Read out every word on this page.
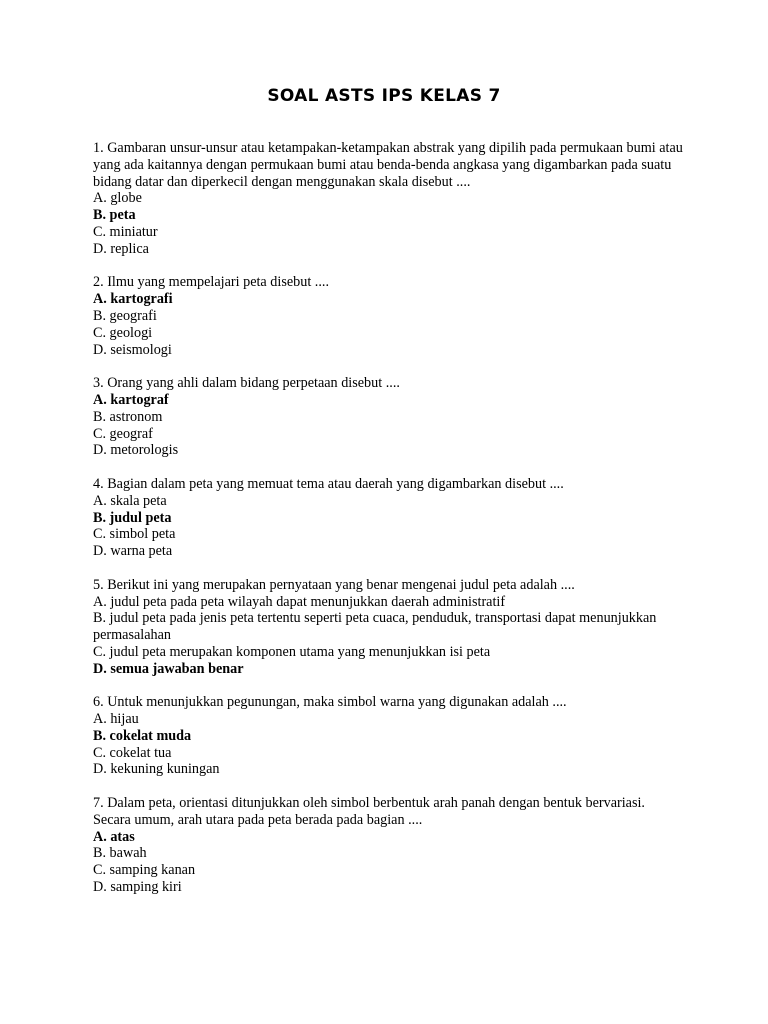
SOAL ASTS IPS KELAS 7
1. Gambaran unsur-unsur atau ketampakan-ketampakan abstrak yang dipilih pada permukaan bumi atau yang ada kaitannya dengan permukaan bumi atau benda-benda angkasa yang digambarkan pada suatu bidang datar dan diperkecil dengan menggunakan skala disebut ....
A. globe
B. peta
C. miniatur
D. replica
2. Ilmu yang mempelajari peta disebut ....
A. kartografi
B. geografi
C. geologi
D. seismologi
3. Orang yang ahli dalam bidang perpetaan disebut ....
A. kartograf
B. astronom
C. geograf
D. metorologis
4. Bagian dalam peta yang memuat tema atau daerah yang digambarkan disebut ....
A. skala peta
B. judul peta
C. simbol peta
D. warna peta
5. Berikut ini yang merupakan pernyataan yang benar mengenai judul peta adalah ....
A. judul peta pada peta wilayah dapat menunjukkan daerah administratif
B. judul peta pada jenis peta tertentu seperti peta cuaca, penduduk, transportasi dapat menunjukkan permasalahan
C. judul peta merupakan komponen utama yang menunjukkan isi peta
D. semua jawaban benar
6. Untuk menunjukkan pegunungan, maka simbol warna yang digunakan adalah ....
A. hijau
B. cokelat muda
C. cokelat tua
D. kekuning kuningan
7. Dalam peta, orientasi ditunjukkan oleh simbol berbentuk arah panah dengan bentuk bervariasi. Secara umum, arah utara pada peta berada pada bagian ....
A. atas
B. bawah
C. samping kanan
D. samping kiri
